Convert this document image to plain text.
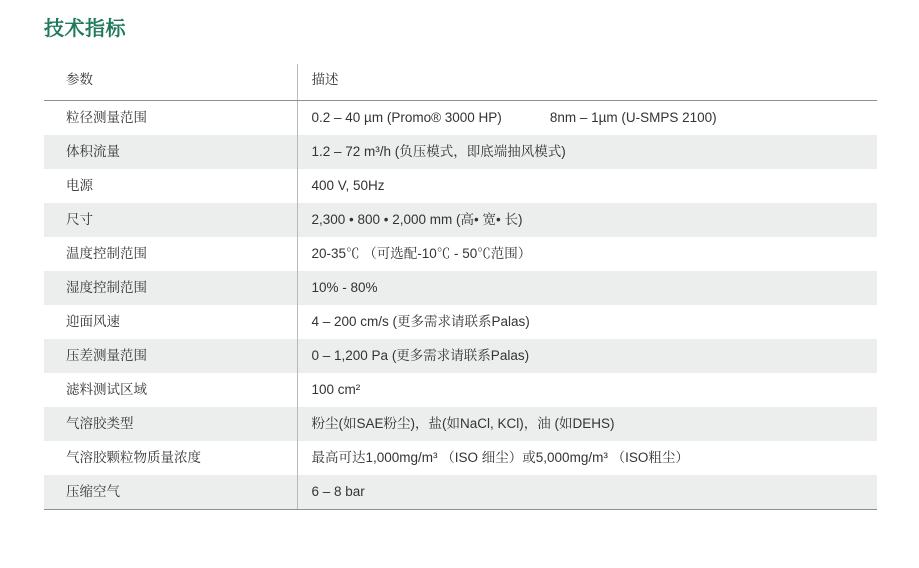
技术指标
参数	描述
粒径测量范围	0.2 – 40 µm (Promo® 3000 HP) 8nm – 1µm (U-SMPS 2100)
体积流量	1.2 – 72 m³/h (负压模式，即底端抽风模式)
电源	400 V, 50Hz
尺寸	2,300 • 800 • 2,000 mm (高• 宽• 长)
温度控制范围	20-35℃ （可选配-10℃ - 50℃范围）
湿度控制范围	10% - 80%
迎面风速	4 – 200 cm/s (更多需求请联系Palas)
压差测量范围	0 – 1,200 Pa (更多需求请联系Palas)
滤料测试区域	100 cm²
气溶胶类型	粉尘(如SAE粉尘)，盐(如NaCl, KCl)，油 (如DEHS)
气溶胶颗粒物质量浓度	最高可达1,000mg/m³ （ISO 细尘）或5,000mg/m³ （ISO粗尘）
压缩空气	6 – 8 bar
